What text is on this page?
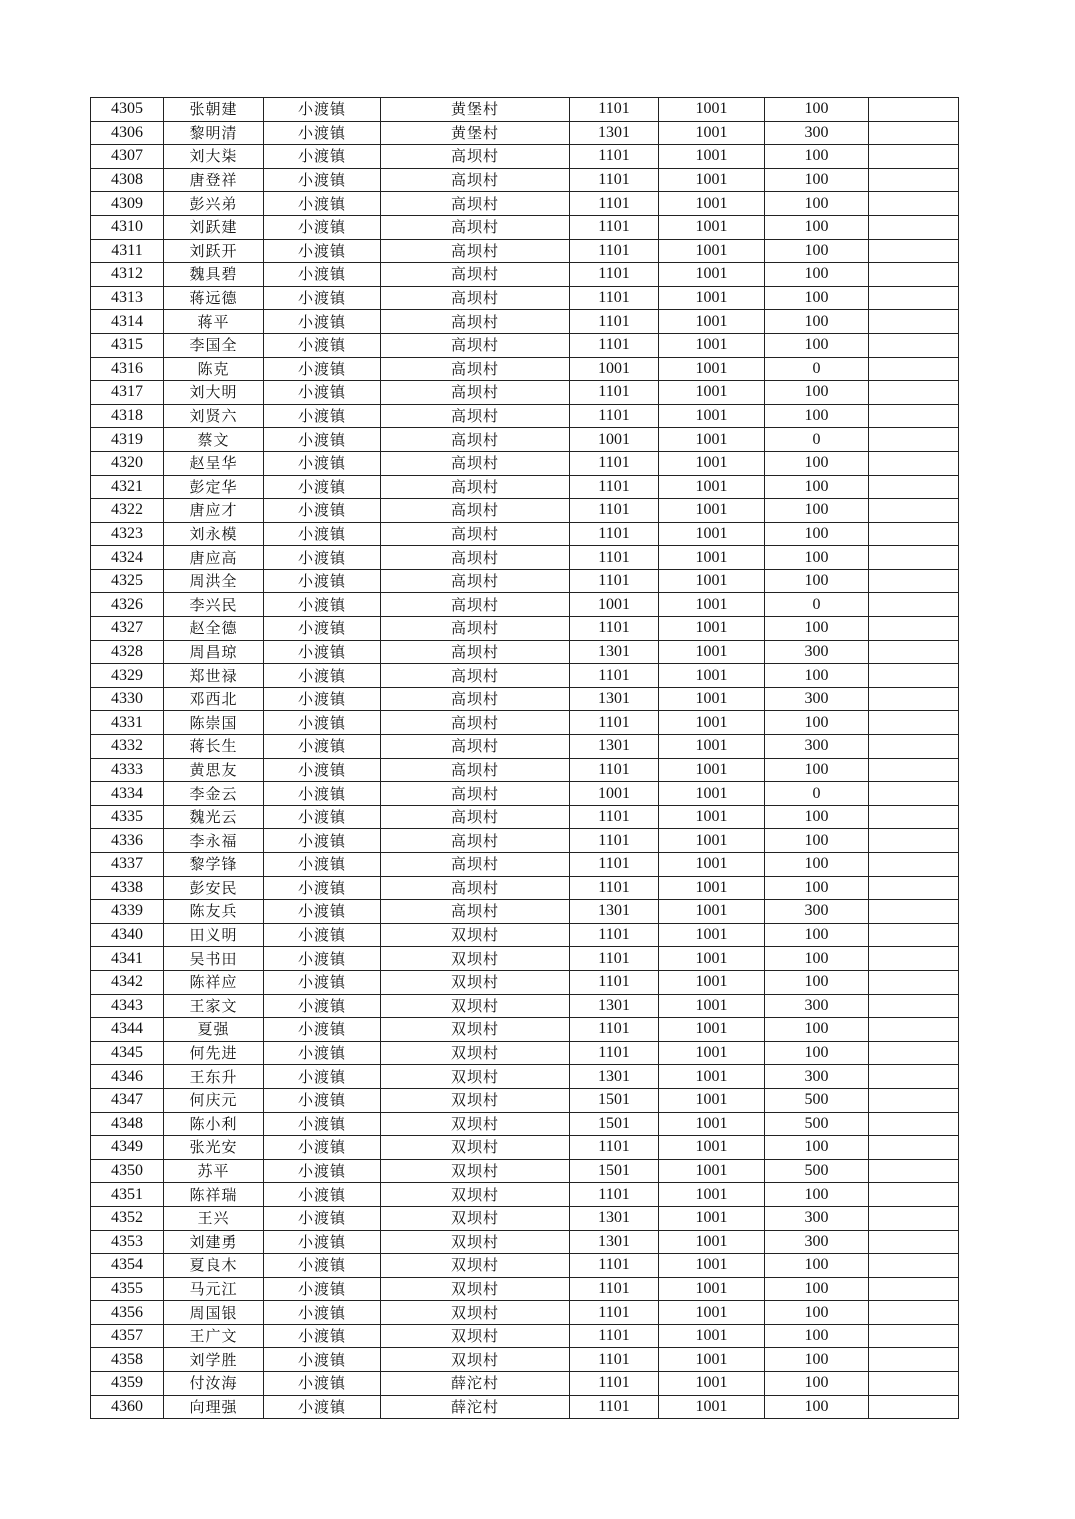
4305	张朝建	小渡镇	黄堡村	1101	1001	100	
4306	黎明清	小渡镇	黄堡村	1301	1001	300	
4307	刘大柒	小渡镇	高坝村	1101	1001	100	
4308	唐登祥	小渡镇	高坝村	1101	1001	100	
4309	彭兴弟	小渡镇	高坝村	1101	1001	100	
4310	刘跃建	小渡镇	高坝村	1101	1001	100	
4311	刘跃开	小渡镇	高坝村	1101	1001	100	
4312	魏具碧	小渡镇	高坝村	1101	1001	100	
4313	蒋远德	小渡镇	高坝村	1101	1001	100	
4314	蒋平	小渡镇	高坝村	1101	1001	100	
4315	李国全	小渡镇	高坝村	1101	1001	100	
4316	陈克	小渡镇	高坝村	1001	1001	0	
4317	刘大明	小渡镇	高坝村	1101	1001	100	
4318	刘贤六	小渡镇	高坝村	1101	1001	100	
4319	蔡文	小渡镇	高坝村	1001	1001	0	
4320	赵呈华	小渡镇	高坝村	1101	1001	100	
4321	彭定华	小渡镇	高坝村	1101	1001	100	
4322	唐应才	小渡镇	高坝村	1101	1001	100	
4323	刘永模	小渡镇	高坝村	1101	1001	100	
4324	唐应高	小渡镇	高坝村	1101	1001	100	
4325	周洪全	小渡镇	高坝村	1101	1001	100	
4326	李兴民	小渡镇	高坝村	1001	1001	0	
4327	赵全德	小渡镇	高坝村	1101	1001	100	
4328	周昌琼	小渡镇	高坝村	1301	1001	300	
4329	郑世禄	小渡镇	高坝村	1101	1001	100	
4330	邓西北	小渡镇	高坝村	1301	1001	300	
4331	陈崇国	小渡镇	高坝村	1101	1001	100	
4332	蒋长生	小渡镇	高坝村	1301	1001	300	
4333	黄思友	小渡镇	高坝村	1101	1001	100	
4334	李金云	小渡镇	高坝村	1001	1001	0	
4335	魏光云	小渡镇	高坝村	1101	1001	100	
4336	李永福	小渡镇	高坝村	1101	1001	100	
4337	黎学锋	小渡镇	高坝村	1101	1001	100	
4338	彭安民	小渡镇	高坝村	1101	1001	100	
4339	陈友兵	小渡镇	高坝村	1301	1001	300	
4340	田义明	小渡镇	双坝村	1101	1001	100	
4341	吴书田	小渡镇	双坝村	1101	1001	100	
4342	陈祥应	小渡镇	双坝村	1101	1001	100	
4343	王家文	小渡镇	双坝村	1301	1001	300	
4344	夏强	小渡镇	双坝村	1101	1001	100	
4345	何先进	小渡镇	双坝村	1101	1001	100	
4346	王东升	小渡镇	双坝村	1301	1001	300	
4347	何庆元	小渡镇	双坝村	1501	1001	500	
4348	陈小利	小渡镇	双坝村	1501	1001	500	
4349	张光安	小渡镇	双坝村	1101	1001	100	
4350	苏平	小渡镇	双坝村	1501	1001	500	
4351	陈祥瑞	小渡镇	双坝村	1101	1001	100	
4352	王兴	小渡镇	双坝村	1301	1001	300	
4353	刘建勇	小渡镇	双坝村	1301	1001	300	
4354	夏良木	小渡镇	双坝村	1101	1001	100	
4355	马元江	小渡镇	双坝村	1101	1001	100	
4356	周国银	小渡镇	双坝村	1101	1001	100	
4357	王广文	小渡镇	双坝村	1101	1001	100	
4358	刘学胜	小渡镇	双坝村	1101	1001	100	
4359	付汝海	小渡镇	薛沱村	1101	1001	100	
4360	向理强	小渡镇	薛沱村	1101	1001	100	
